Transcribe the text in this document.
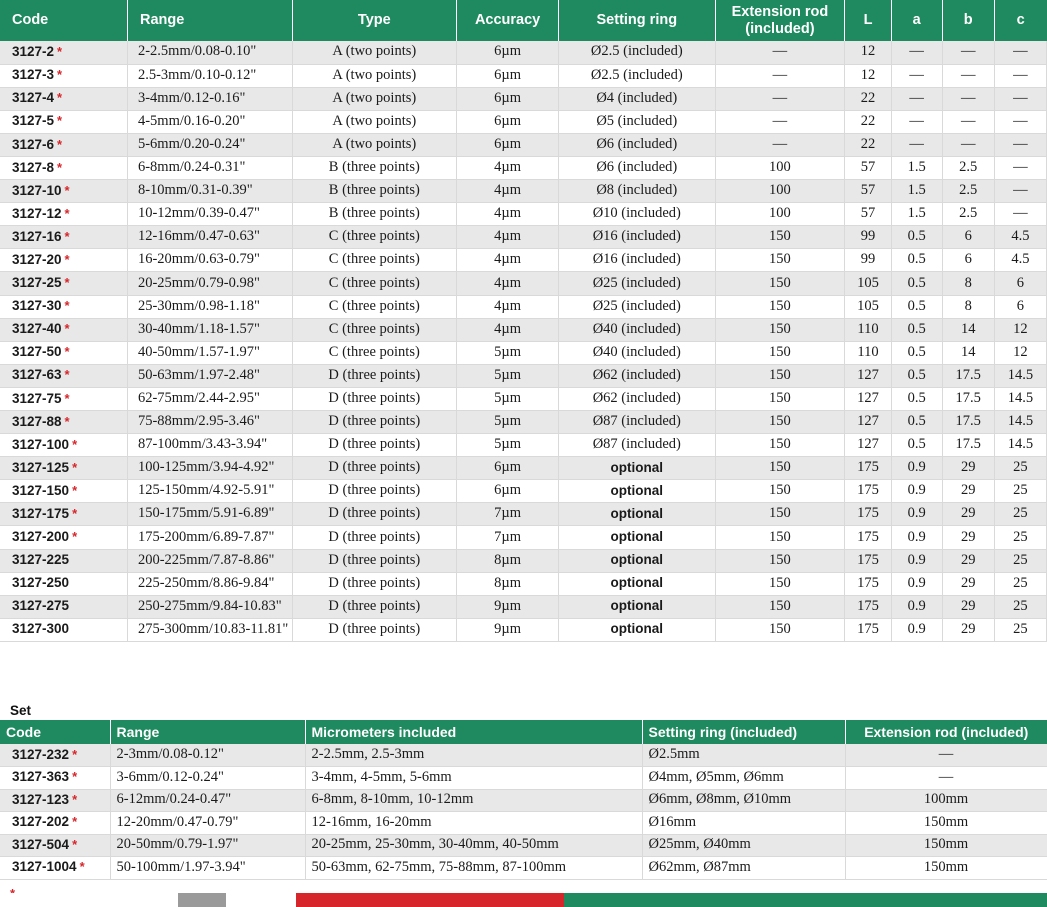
Code	Range	Type	Accuracy	Setting ring	Extension rod (included)	L	a	b	c
3127-2 *	2-2.5mm/0.08-0.10"	A (two points)	6µm	Ø2.5 (included)	—	12	—	—	—
3127-3 *	2.5-3mm/0.10-0.12"	A (two points)	6µm	Ø2.5 (included)	—	12	—	—	—
3127-4 *	3-4mm/0.12-0.16"	A (two points)	6µm	Ø4 (included)	—	22	—	—	—
3127-5 *	4-5mm/0.16-0.20"	A (two points)	6µm	Ø5 (included)	—	22	—	—	—
3127-6 *	5-6mm/0.20-0.24"	A (two points)	6µm	Ø6 (included)	—	22	—	—	—
3127-8 *	6-8mm/0.24-0.31"	B (three points)	4µm	Ø6 (included)	100	57	1.5	2.5	—
3127-10 *	8-10mm/0.31-0.39"	B (three points)	4µm	Ø8 (included)	100	57	1.5	2.5	—
3127-12 *	10-12mm/0.39-0.47"	B (three points)	4µm	Ø10 (included)	100	57	1.5	2.5	—
3127-16 *	12-16mm/0.47-0.63"	C (three points)	4µm	Ø16 (included)	150	99	0.5	6	4.5
3127-20 *	16-20mm/0.63-0.79"	C (three points)	4µm	Ø16 (included)	150	99	0.5	6	4.5
3127-25 *	20-25mm/0.79-0.98"	C (three points)	4µm	Ø25 (included)	150	105	0.5	8	6
3127-30 *	25-30mm/0.98-1.18"	C (three points)	4µm	Ø25 (included)	150	105	0.5	8	6
3127-40 *	30-40mm/1.18-1.57"	C (three points)	4µm	Ø40 (included)	150	110	0.5	14	12
3127-50 *	40-50mm/1.57-1.97"	C (three points)	5µm	Ø40 (included)	150	110	0.5	14	12
3127-63 *	50-63mm/1.97-2.48"	D (three points)	5µm	Ø62 (included)	150	127	0.5	17.5	14.5
3127-75 *	62-75mm/2.44-2.95"	D (three points)	5µm	Ø62 (included)	150	127	0.5	17.5	14.5
3127-88 *	75-88mm/2.95-3.46"	D (three points)	5µm	Ø87 (included)	150	127	0.5	17.5	14.5
3127-100 *	87-100mm/3.43-3.94"	D (three points)	5µm	Ø87 (included)	150	127	0.5	17.5	14.5
3127-125 *	100-125mm/3.94-4.92"	D (three points)	6µm	optional	150	175	0.9	29	25
3127-150 *	125-150mm/4.92-5.91"	D (three points)	6µm	optional	150	175	0.9	29	25
3127-175 *	150-175mm/5.91-6.89"	D (three points)	7µm	optional	150	175	0.9	29	25
3127-200 *	175-200mm/6.89-7.87"	D (three points)	7µm	optional	150	175	0.9	29	25
3127-225	200-225mm/7.87-8.86"	D (three points)	8µm	optional	150	175	0.9	29	25
3127-250	225-250mm/8.86-9.84"	D (three points)	8µm	optional	150	175	0.9	29	25
3127-275	250-275mm/9.84-10.83"	D (three points)	9µm	optional	150	175	0.9	29	25
3127-300	275-300mm/10.83-11.81"	D (three points)	9µm	optional	150	175	0.9	29	25
Set
Code	Range	Micrometers included	Setting ring (included)	Extension rod (included)
3127-232 *	2-3mm/0.08-0.12"	2-2.5mm, 2.5-3mm	Ø2.5mm	—
3127-363 *	3-6mm/0.12-0.24"	3-4mm, 4-5mm, 5-6mm	Ø4mm, Ø5mm, Ø6mm	—
3127-123 *	6-12mm/0.24-0.47"	6-8mm, 8-10mm, 10-12mm	Ø6mm, Ø8mm, Ø10mm	100mm
3127-202 *	12-20mm/0.47-0.79"	12-16mm, 16-20mm	Ø16mm	150mm
3127-504 *	20-50mm/0.79-1.97"	20-25mm, 25-30mm, 30-40mm, 40-50mm	Ø25mm, Ø40mm	150mm
3127-1004 *	50-100mm/1.97-3.94"	50-63mm, 62-75mm, 75-88mm, 87-100mm	Ø62mm, Ø87mm	150mm
